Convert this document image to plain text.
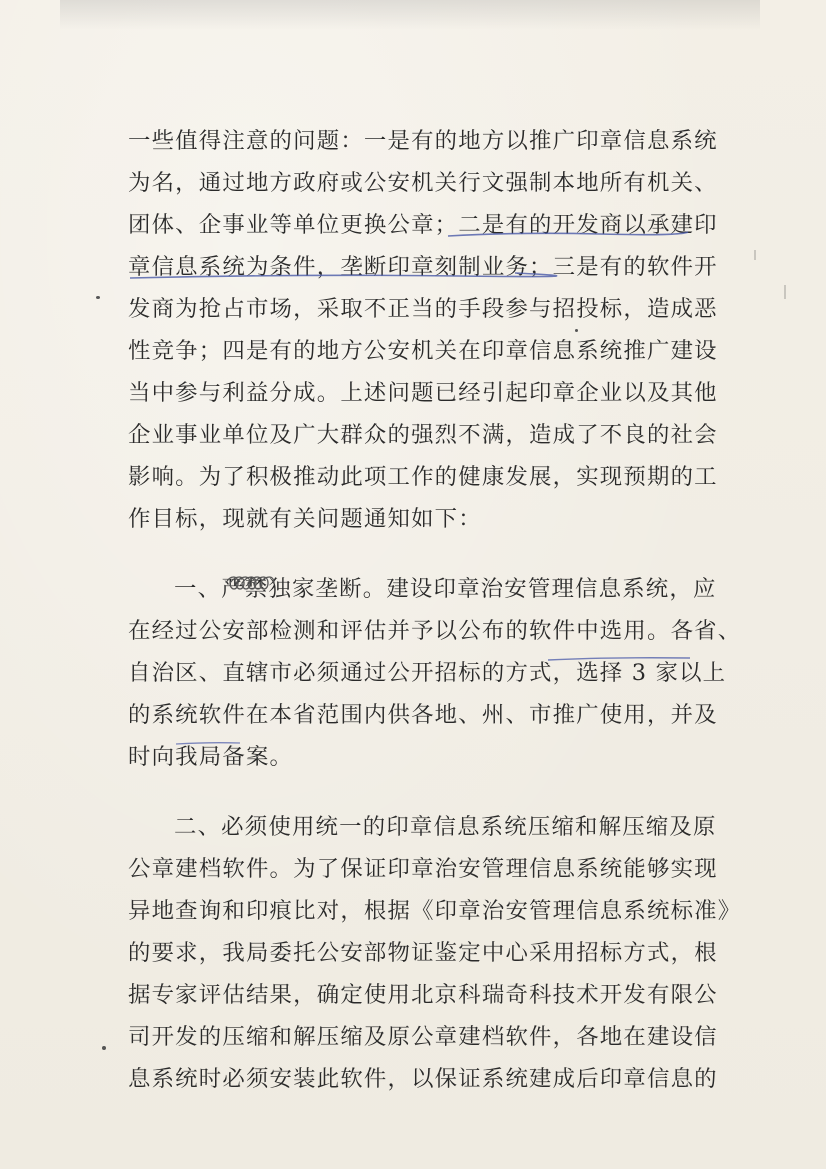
一些值得注意的问题：一是有的地方以推广印章信息系统
为名，通过地方政府或公安机关行文强制本地所有机关、
团体、企事业等单位更换公章；二是有的开发商以承建印
章信息系统为条件，垄断印章刻制业务；三是有的软件开
发商为抢占市场，采取不正当的手段参与招投标，造成恶
性竞争；四是有的地方公安机关在印章信息系统推广建设
当中参与利益分成。上述问题已经引起印章企业以及其他
企业事业单位及广大群众的强烈不满，造成了不良的社会
影响。为了积极推动此项工作的健康发展，实现预期的工
作目标，现就有关问题通知如下：
一、严禁独家垄断。建设印章治安管理信息系统，应
在经过公安部检测和评估并予以公布的软件中选用。各省、
自治区、直辖市必须通过公开招标的方式，选择 3 家以上
的系统软件在本省范围内供各地、州、市推广使用，并及
时向我局备案。
二、必须使用统一的印章信息系统压缩和解压缩及原
公章建档软件。为了保证印章治安管理信息系统能够实现
异地查询和印痕比对，根据《印章治安管理信息系统标准》
的要求，我局委托公安部物证鉴定中心采用招标方式，根
据专家评估结果，确定使用北京科瑞奇科技术开发有限公
司开发的压缩和解压缩及原公章建档软件，各地在建设信
息系统时必须安装此软件，以保证系统建成后印章信息的
